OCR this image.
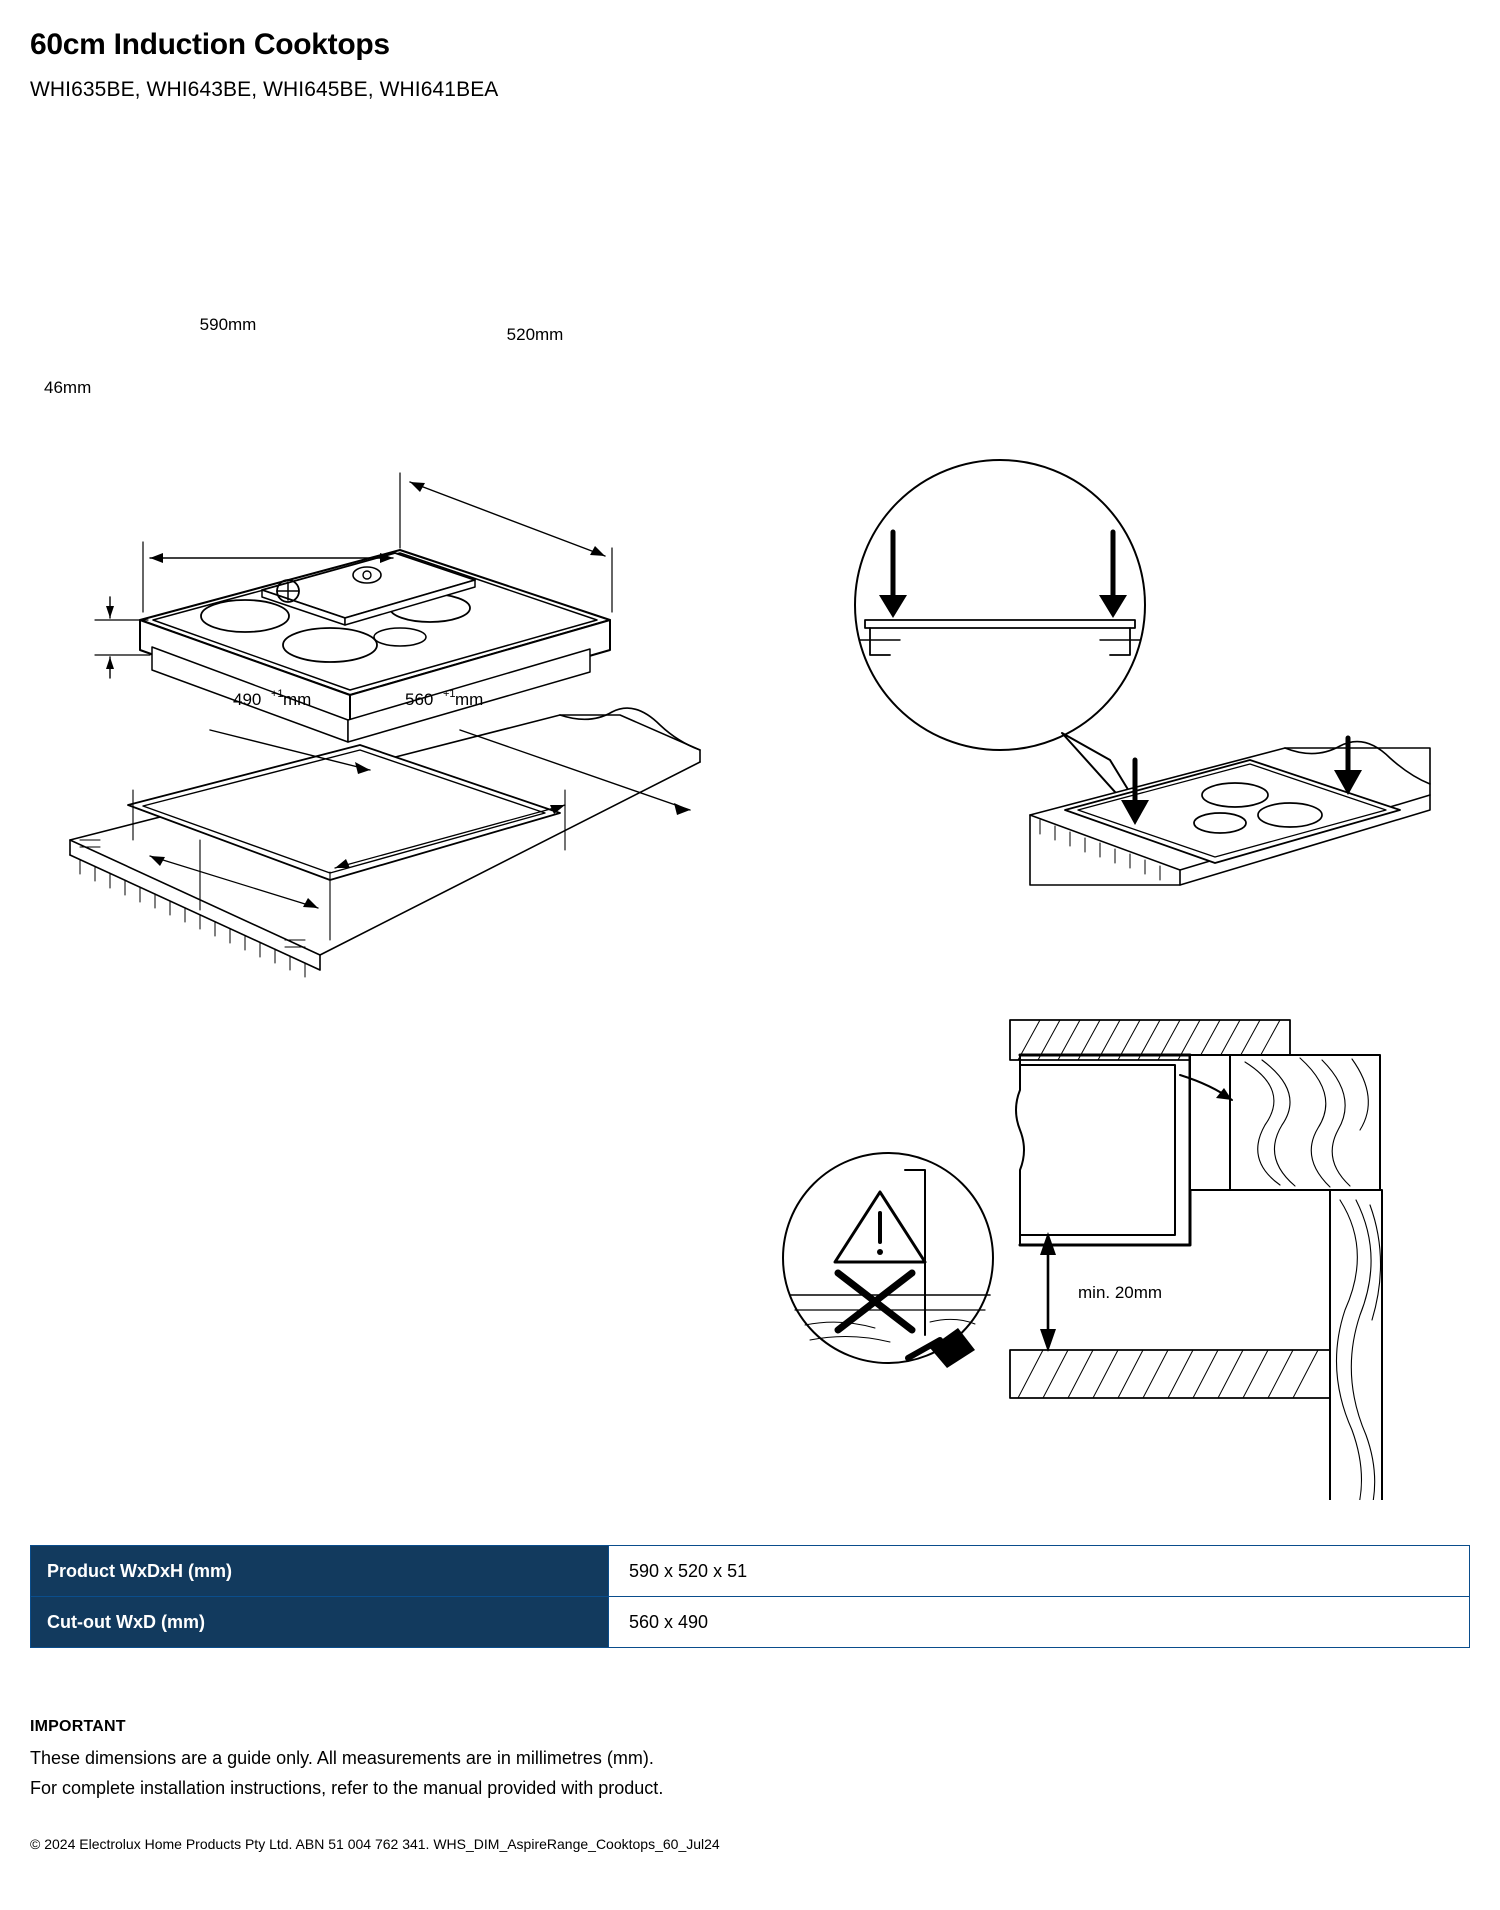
60cm Induction Cooktops
WHI635BE, WHI643BE, WHI645BE, WHI641BEA
590mm
520mm
46mm
490 +1 mm	560 +1 mm
min. 20mm
Product WxDxH (mm)	590 x 520 x 51
Cut-out WxD (mm)	560 x 490
IMPORTANT
These dimensions are a guide only. All measurements are in millimetres (mm).
For complete installation instructions, refer to the manual provided with product.
© 2024 Electrolux Home Products Pty Ltd. ABN 51 004 762 341. WHS_DIM_AspireRange_Cooktops_60_Jul24
